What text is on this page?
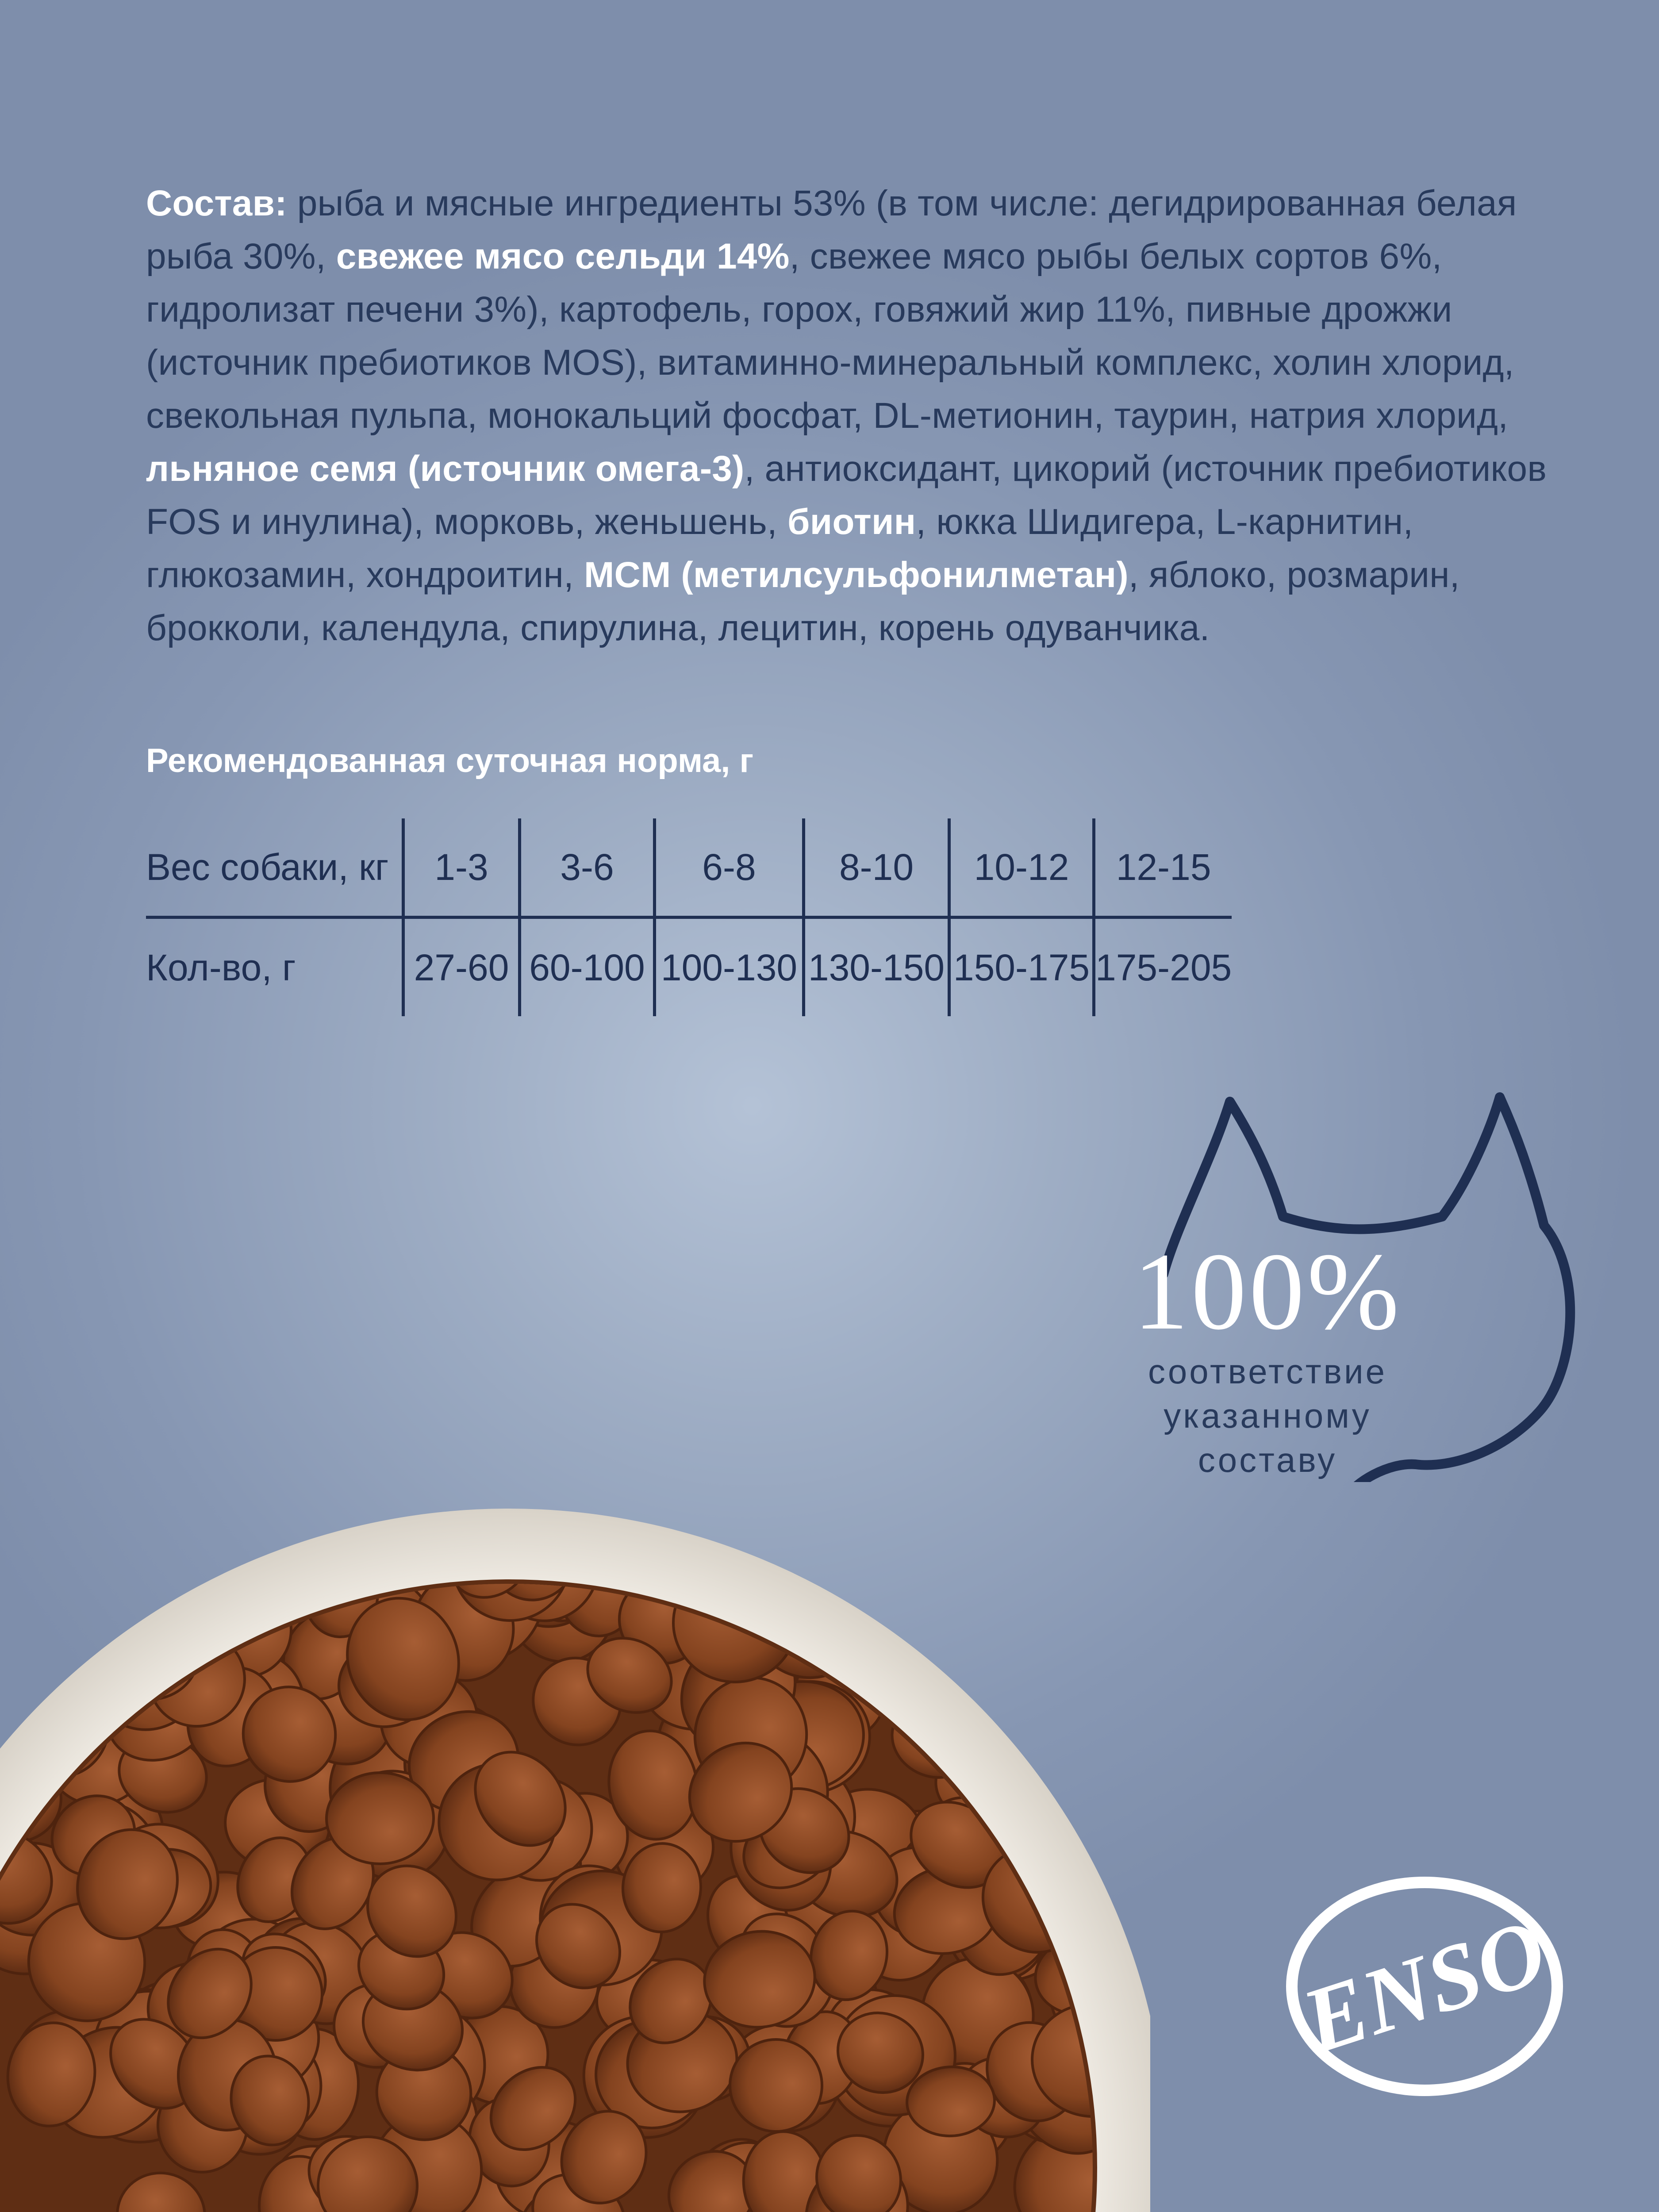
Состав: рыба и мясные ингредиенты 53% (в том числе: дегидрированная белая рыба 30%, свежее мясо сельди 14%, свежее мясо рыбы белых сортов 6%, гидролизат печени 3%), картофель, горох, говяжий жир 11%, пивные дрожжи (источник пребиотиков MOS), витаминно-минеральный комплекс, холин хлорид, свекольная пульпа, монокальций фосфат, DL-метионин, таурин, натрия хлорид, льняное семя (источник омега-3), антиоксидант, цикорий (источник пребиотиков FOS и инулина), морковь, женьшень, биотин, юкка Шидигера, L-карнитин, глюкозамин, хондроитин, MCM (метилсульфонилметан), яблоко, розмарин, брокколи, календула, спирулина, лецитин, корень одуванчика.

Рекомендованная суточная норма, г
Вес собаки, кг	1-3	3-6	6-8	8-10	10-12	12-15
Кол-во, г	27-60	60-100	100-130	130-150	150-175	175-205
100%
соответствие
указанному
составу
ENSO
